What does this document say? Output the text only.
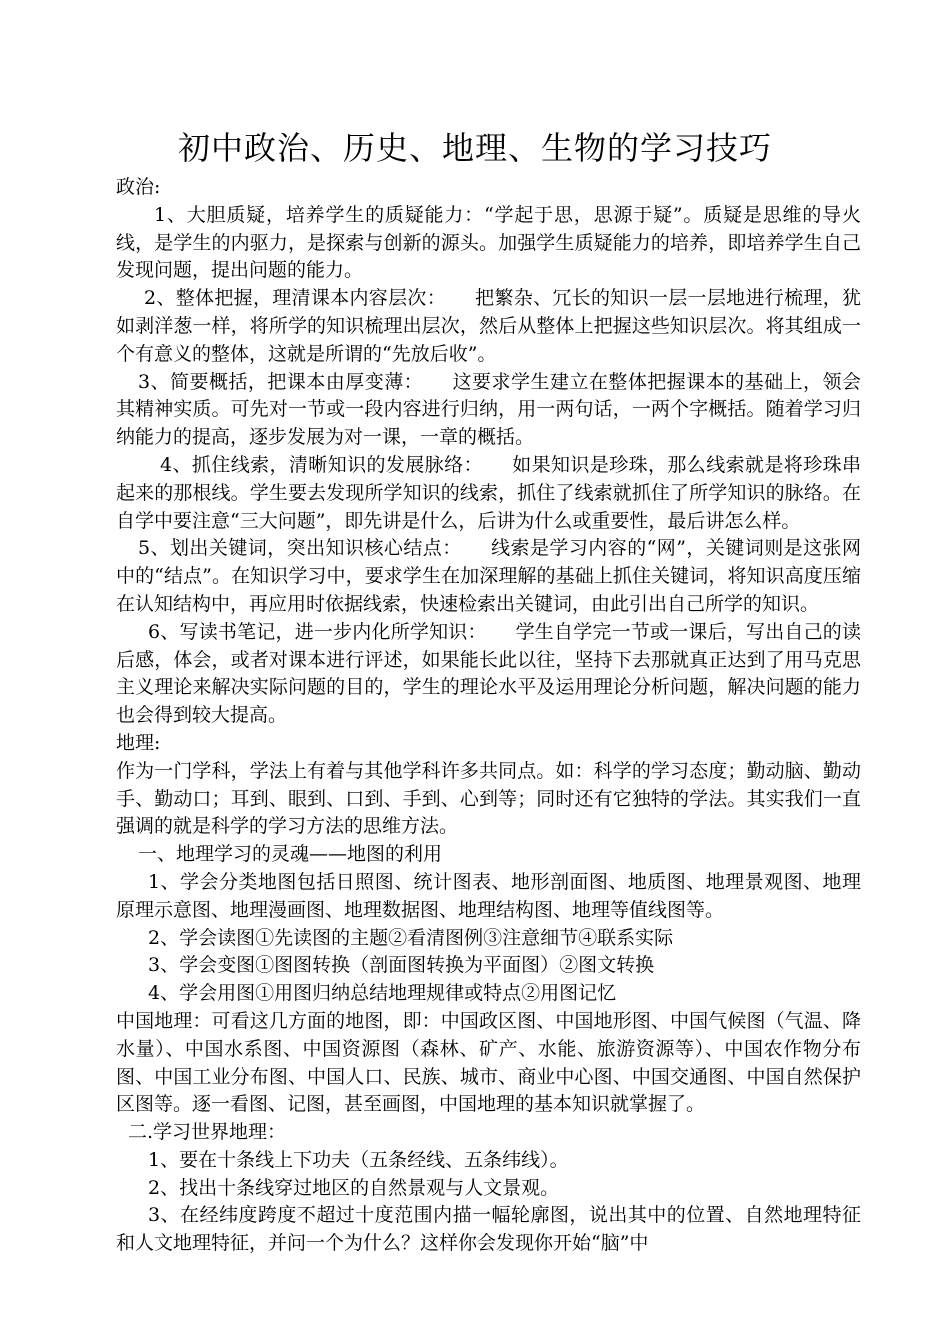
初中政治、历史、地理、生物的学习技巧

政治:

1、大胆质疑，培养学生的质疑能力：“学起于思，思源于疑”。质疑是思维的导火线，是学生的内驱力，是探索与创新的源头。加强学生质疑能力的培养，即培养学生自己发现问题，提出问题的能力。

2、整体把握，理清课本内容层次：　　把繁杂、冗长的知识一层一层地进行梳理，犹如剥洋葱一样，将所学的知识梳理出层次，然后从整体上把握这些知识层次。将其组成一个有意义的整体，这就是所谓的“先放后收”。

3、简要概括，把课本由厚变薄：　　这要求学生建立在整体把握课本的基础上，领会其精神实质。可先对一节或一段内容进行归纳，用一两句话，一两个字概括。随着学习归纳能力的提高，逐步发展为对一课，一章的概括。

4、抓住线索，清晰知识的发展脉络：　　如果知识是珍珠，那么线索就是将珍珠串起来的那根线。学生要去发现所学知识的线索，抓住了线索就抓住了所学知识的脉络。在自学中要注意“三大问题”，即先讲是什么，后讲为什么或重要性，最后讲怎么样。

5、划出关键词，突出知识核心结点：　　线索是学习内容的“网”，关键词则是这张网中的“结点”。在知识学习中，要求学生在加深理解的基础上抓住关键词，将知识高度压缩在认知结构中，再应用时依据线索，快速检索出关键词，由此引出自己所学的知识。

6、写读书笔记，进一步内化所学知识：　　学生自学完一节或一课后，写出自己的读后感，体会，或者对课本进行评述，如果能长此以往，坚持下去那就真正达到了用马克思主义理论来解决实际问题的目的，学生的理论水平及运用理论分析问题，解决问题的能力也会得到较大提高。

地理:

作为一门学科，学法上有着与其他学科许多共同点。如：科学的学习态度；勤动脑、勤动手、勤动口；耳到、眼到、口到、手到、心到等；同时还有它独特的学法。其实我们一直强调的就是科学的学习方法的思维方法。

一、地理学习的灵魂——地图的利用

1、学会分类地图包括日照图、统计图表、地形剖面图、地质图、地理景观图、地理原理示意图、地理漫画图、地理数据图、地理结构图、地理等值线图等。

2、学会读图①先读图的主题②看清图例③注意细节④联系实际

3、学会变图①图图转换（剖面图转换为平面图）②图文转换

4、学会用图①用图归纳总结地理规律或特点②用图记忆

中国地理：可看这几方面的地图，即：中国政区图、中国地形图、中国气候图（气温、降水量）、中国水系图、中国资源图（森林、矿产、水能、旅游资源等）、中国农作物分布图、中国工业分布图、中国人口、民族、城市、商业中心图、中国交通图、中国自然保护区图等。逐一看图、记图，甚至画图，中国地理的基本知识就掌握了。

二.学习世界地理：

1、要在十条线上下功夫（五条经线、五条纬线）。

2、找出十条线穿过地区的自然景观与人文景观。

3、在经纬度跨度不超过十度范围内描一幅轮廓图，说出其中的位置、自然地理特征和人文地理特征，并问一个为什么？这样你会发现你开始“脑”中
